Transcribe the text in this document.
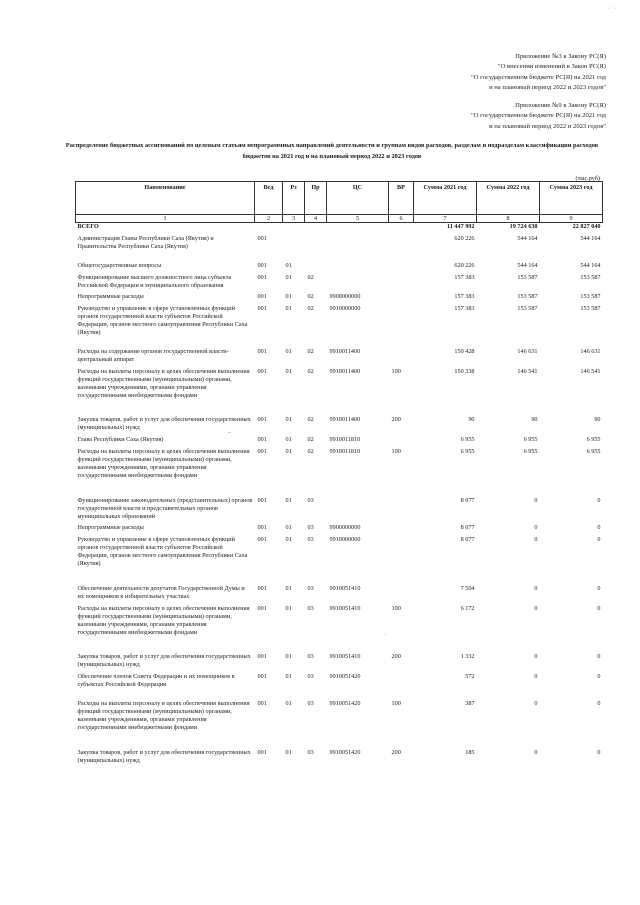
· ·
Приложение №3 к Закону РС(Я)
"О внесении изменений в Закон РС(Я)
"О государственном бюджете РС(Я) на 2021 год
и на плановый период 2022 и 2023 годов"
Приложение №9 к Закону РС(Я)
"О государственном бюджете РС(Я) на 2021 год
и на плановый период 2022 и 2023 годов"
Распределение бюджетных ассигнований по целевым статьям непрограммных направлений деятельности и группам видов расходов, разделам и подразделам классификации расходов бюджетов на 2021 год и на плановый период 2022 и 2023 годов
(тыс.руб)
Наименование	Вед	Рз	Пр	ЦС	ВР	Сумма 2021 год	Сумма 2022 год	Сумма 2023 год
1	2	3	4	5	6	7	8	9
ВСЕГО						11 447 992	19 724 638	22 827 040
Администрация Главы Республики Саха (Якутия) и Правительства Республики Саха (Якутия)	001					620 226	544 164	544 164
Общегосударственные вопросы	001	01				620 226	544 164	544 164
Функционирование высшего должностного лица субъекта Российской Федерации и муниципального образования	001	01	02			157 383	153 587	153 587
Непрограммные расходы	001	01	02	9900000000		157 383	153 587	153 587
Руководство и управление в сфере установленных функций органов государственной власти субъектов Российской Федерации, органов местного самоуправления Республики Саха (Якутия)	001	01	02	9910000000		157 383	153 587	153 587
Расходы на содержание органов государственной власти- центральный аппарат	001	01	02	9910011400		150 428	146 631	146 631
Расходы на выплаты персоналу в целях обеспечения выполнения функций государственными (муниципальными) органами, казенными учреждениями, органами управления государственными внебюджетными фондами	001	01	02	9910011400	100	150 338	146 541	146 541
Закупка товаров, работ и услуг для обеспечения государственных (муниципальных) нужд	001	01	02	9910011400	200	90	90	90
Глава Республики Саха (Якутия)	001	01	02	9910011810		6 955	6 955	6 955
Расходы на выплаты персоналу в целях обеспечения выполнения функций государственными (муниципальными) органами, казенными учреждениями, органами управления государственными внебюджетными фондами	001	01	02	9910011810	100	6 955	6 955	6 955
Функционирование законодательных (представительных) органов государственной власти и представительных органов муниципальных образований	001	01	03			8 077	0	0
Непрограммные расходы	001	01	03	9900000000		8 077	0	0
Руководство и управление в сфере установленных функций органов государственной власти субъектов Российской Федерации, органов местного самоуправления Республики Саха (Якутия)	001	01	03	9910000000		8 077	0	0
Обеспечение деятельности депутатов Государственной Думы и их помощников в избирательных участках	001	01	03	9910051410		7 504	0	0
Расходы на выплаты персоналу в целях обеспечения выполнения функций государственными (муниципальными) органами, казенными учреждениями, органами управления государственными внебюджетными фондами	001	01	03	9910051410	100	6 172	0	0
Закупка товаров, работ и услуг для обеспечения государственных (муниципальных) нужд	001	01	03	9910051410	200	1 332	0	0
Обеспечение членов Совета Федерации и их помощников в субъектах Российской Федерации	001	01	03	9910051420		572	0	0
Расходы на выплаты персоналу в целях обеспечения выполнения функций государственными (муниципальными) органами, казенными учреждениями, органами управления государственными внебюджетными фондами	001	01	03	9910051420	100	387	0	0
Закупка товаров, работ и услуг для обеспечения государственных (муниципальных) нужд	001	01	03	9910051420	200	185	0	0
·
–
